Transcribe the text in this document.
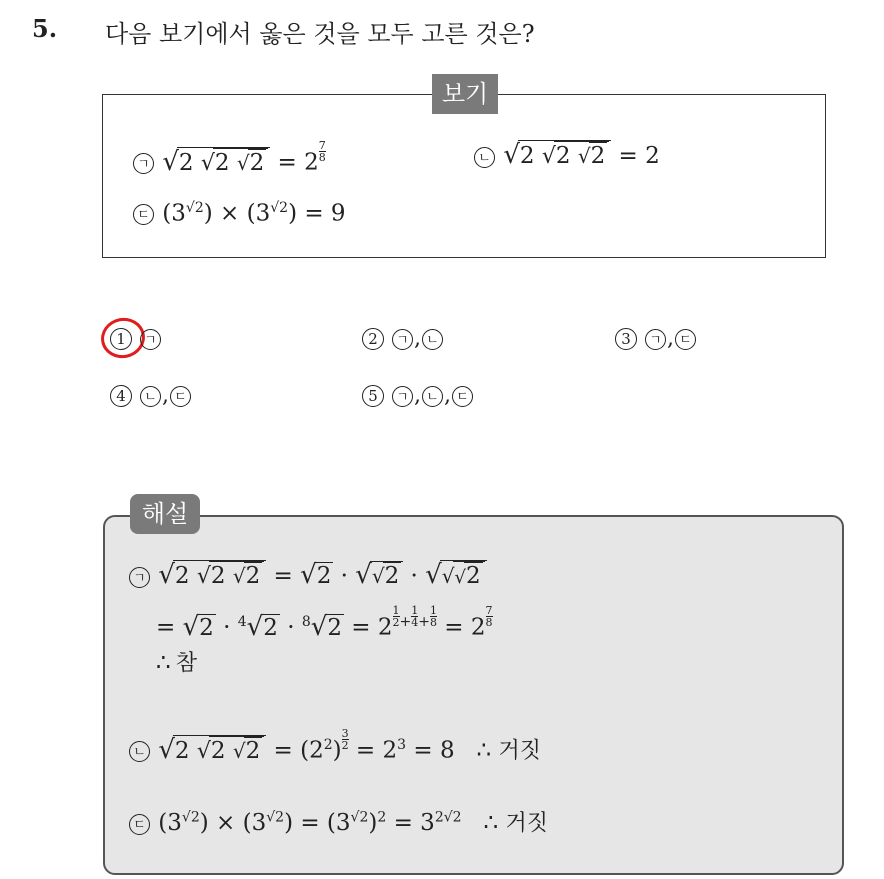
5. 다음 보기에서 옳은 것을 모두 고른 것은?
보기
ㄱ √2 √2 $√2 = 2 \frac{7}{8}$	ㄴ √2 √2 √2 = 2
ㄷ $(3^{√2}) \times (3^{√2}) = 9$
1 ㄱ	2 ㄱ , ㄴ	3 ㄱ , ㄷ
4 ㄴ , ㄷ	5 ㄱ , ㄴ , ㄷ
해설
ㄱ √2 √2 √2 = √2 · √√2 · √√√2
= $√2 \cdot ^4√2 \cdot ^8√2 = 2 \frac{1}{2} ^+ \frac{1}{4} ^+ \frac{1}{8} = 2 \frac{7}{8}$
∴ 참
ㄴ √2 √2 $√2 = (2^2) \frac{3}{2} = 2^3 = 8$   ∴ 거짓
ㄷ $(3^{√2}) \times (3^{√2}) = (3^{√2})^2 = 3^{2√2}$ ∴ 거짓
